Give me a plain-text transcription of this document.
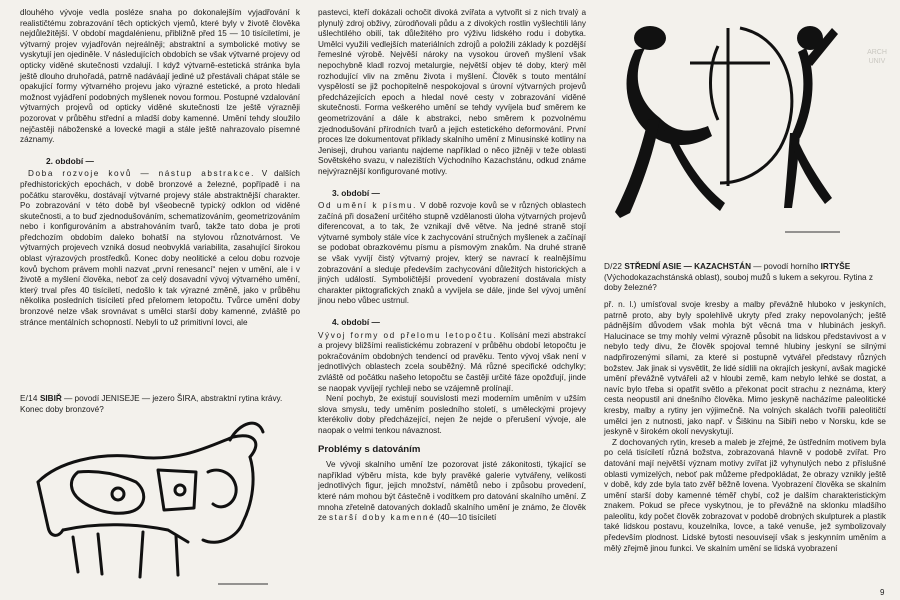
dlouhého vývoje vedla posléze snaha po dokonalejším vyjadřování k realističtému zobrazování těch optických vjemů, které byly v životě člověka nejdůležitější. V období magdalénienu, přibližně před 15 — 10 tisíciletími, je výtvarný projev vyjadřován nejreálněji; abstraktní a symbolické motivy se vyskytují jen ojediněle. V následujících obdobích se však výtvarné projevy od opticky viděné skutečnosti vzdalují. I když výtvarně-estetická stránka byla ještě dlouho druhořadá, patrně nadáváají jediné už přestávali chápat stále se opakující formy výtvarného projevu jako výrazné estetické, a proto hledali možnost vyjádření podobných myšlenek novou formou. Postupné vzdalování výtvarných projevů od opticky viděné skutečnosti lze ještě výrazněji pozorovat v průběhu střední a mladší doby kamenné. Umění tehdy sloužilo nejčastěji náboženské a lovecké magii a stále ještě nahrazovalo písemné záznamy.

2. období —

Doba rozvoje kovů — nástup abstrakce. V dalších předhistorických epochách, v době bronzové a železné, popřípadě i na počátku starověku, dostávají výtvarné projevy stále abstraktnější charakter. Po zobrazování v této době byl všeobecně typický odklon od viděné skutečnosti, a to buď zjednodušováním, schematizováním, geometrizováním nebo i konfigurováním a abstrahováním tvarů, takže tato doba je proti předchozím obdobím daleko bohatší na stylovou různotvárnost. Ve výtvarných projevech vzniká dosud neobvyklá variabilita, zasahující širokou oblast výrazových prostředků. Konec doby neolitické a celou dobu rozvoje kovů bychom právem mohli nazvat „první renesancí“ nejen v umění, ale i v životě a myšlení člověka, neboť za celý dosavadní vývoj výtvarného umění, který trval přes 40 tisíciletí, nedošlo k tak výrazné změně, jako v průběhu několika posledních tisíciletí před přelomem letopočtu. Tvůrce umění doby bronzové nelze však srovnávat s umělci starší doby kamenné, zvláště po stránce mentálních schopností. Nebyli to už primitivní lovci, ale

E/14 SIBIŘ — povodí JENISEJE — jezero ŠIRA, abstraktní rytina krávy. Konec doby bronzové?

pastevci, kteří dokázali ochočit divoká zvířata a vytvořit si z nich trvalý a plynulý zdroj obživy, zúrodňovali půdu a z divokých rostlin vyšlechtili lány ušlechtilého obilí, tak důležitého pro výživu lidského rodu i dobytka. Umělci využili vedlejších materiálních zdrojů a položili základy k pozdější řemeslné výrobě. Nejvěší nároky na vysokou úroveň myšlení však nepochybně kladl rozvoj metalurgie, největší objev té doby, který měl rozhodující vliv na změnu života i myšlení. Člověk s touto mentální vyspělostí se již pochopitelně nespokojoval s úrovní výtvarných projevů předcházejících epoch a hledal nové cesty v zobrazování viděné skutečnosti. Forma veškerého umění se tehdy vyvíjela buď směrem ke geometrizování a dále k abstrakci, nebo směrem k pozvolnému zjednodušování přírodních tvarů a jejich estetického deformování. První proces lze dokumentovat příklady skalního umění z Minusinské kotliny na Jeniseji, druhou variantu najdeme například o něco jižněji v teže oblasti Sovětského svazu, v nalezištích Východního Kazachstánu, odkud známe nejvýraznější konfigurované motivy.

3. období —

Od umění k písmu. V době rozvoje kovů se v různých oblastech začíná při dosažení určitého stupně vzdělanosti úloha výtvarných projevů diferencovat, a to tak, že vznikají dvě větve. Na jedné straně stojí výtvarné symboly stále více k zachycování stručných myšlenek a začínají se podobat obrazkovému písmu a písmovým znakům. Na druhé straně se však vyvíjí čistý výtvarný projev, který se navrací k realnějšímu zobrazování a sleduje především zachycování důležitých historických a jiných událostí. Symboličtější provedení vyobrazení dostávala místy charakter piktografických znaků a vyvíjela se dále, jinde šel vývoj umění jinou nebo vůbec ustrnul.

4. období —

Vývoj formy od přelomu letopočtu. Kolísání mezi abstrakcí a projevy bližšími realistickému zobrazení v průběhu období letopočtu je pokračováním obdobných tendencí od pravěku. Tento vývoj však není v jednotlivých oblastech zcela souběžný. Má různé specifické odchylky; zvláště od počátku našeho letopočtu se častěji určité fáze opožďují, jinde se naopak vyvíjejí rychleji nebo se vzájemně prolínají.

Není pochyb, že existují souvislosti mezi moderním uměním v užším slova smyslu, tedy uměním posledního století, s uměleckými projevy kterékoliv doby předcházející, nejen že nejde o přerušení vývoje, ale naopak o velmi tenkou návaznost.

Problémy s datováním

Ve vývoji skalního umění lze pozorovat jisté zákonitosti, týkající se například výběru místa, kde byly pravěké galerie vytvářeny, velikosti jednotlivých figur, jejich množství, námětů nebo i způsobu provedení, které nám mohou být částečně i vodítkem pro datování skalního umění. Z mnoha zřetelně datovaných dokladů skalního umění je známo, že člověk ze starší doby kamenné (40—10 tisíciletí

D/22 STŘEDNÍ ASIE — KAZACHSTÁN — povodí horního IRTYŠE (Východokazachstánská oblast), souboj mužů s lukem a sekyrou. Rytina z doby železné?

př. n. l.) umísťoval svoje kresby a malby převážně hluboko v jeskyních, patrně proto, aby byly spolehlivě ukryty před zraky nepovolaných; ještě pádnějším důvodem však mohla být věcná tma v hlubinách jeskyň. Halucinace se tmy mohly velmi výrazně působit na lidskou představivost a v nebylo tedy divu, že člověk spojoval temné hlubiny jeskyní se silnými nadpřirozenými sílami, za které si postupně vytvářel představy různých božstev. Jak jinak si vysvětlit, že lidé sídlili na okrajích jeskyní, avšak magické umění převážně vytvářeli až v hloubi země, kam nebylo lehké se dostat, a navíc bylo třeba si opatřit světlo a překonat pocit strachu z neznáma, který cesta neopustil ani dnešního člověka. Mimo jeskyně nacházíme paleolitické kresby, malby a rytiny jen výjimečně. Na volných skalách tvořili paleolitičtí umělci jen z nutnosti, jako např. v Šiškinu na Sibiři nebo v Norsku, kde se jeskyně v širokém okolí nevyskytují.

Z dochovaných rytin, kreseb a maleb je zřejmé, že ústředním motivem byla po celá tisíciletí různá božstva, zobrazovaná hlavně v podobě zvířat. Pro datování mají největší význam motivy zvířat již vyhynulých nebo z příslušné oblasti vymizelých, neboť pak můžeme předpokládat, že obrazy vznikly ještě v době, kdy zde byla tato zvěř běžně lovena. Vyobrazení člověka se skalním umění starší doby kamenné téměř chybí, což je dalším charakteristickým znakem. Pokud se přece vyskytnou, je to převážně na sklonku mladšího paleolitu, kdy počet člověk zobrazovat v podobě drobných skulpturek a plastik také lidskou postavu, kouzelníka, lovce, a také venuše, jež symbolizovaly především plodnost. Lidské bytosti nesouvisejí však s jeskynním uměním a mělý zřejmě jinou funkci. Ve skalním umění se lidská vyobrazení

ARCH
UNIV
9
